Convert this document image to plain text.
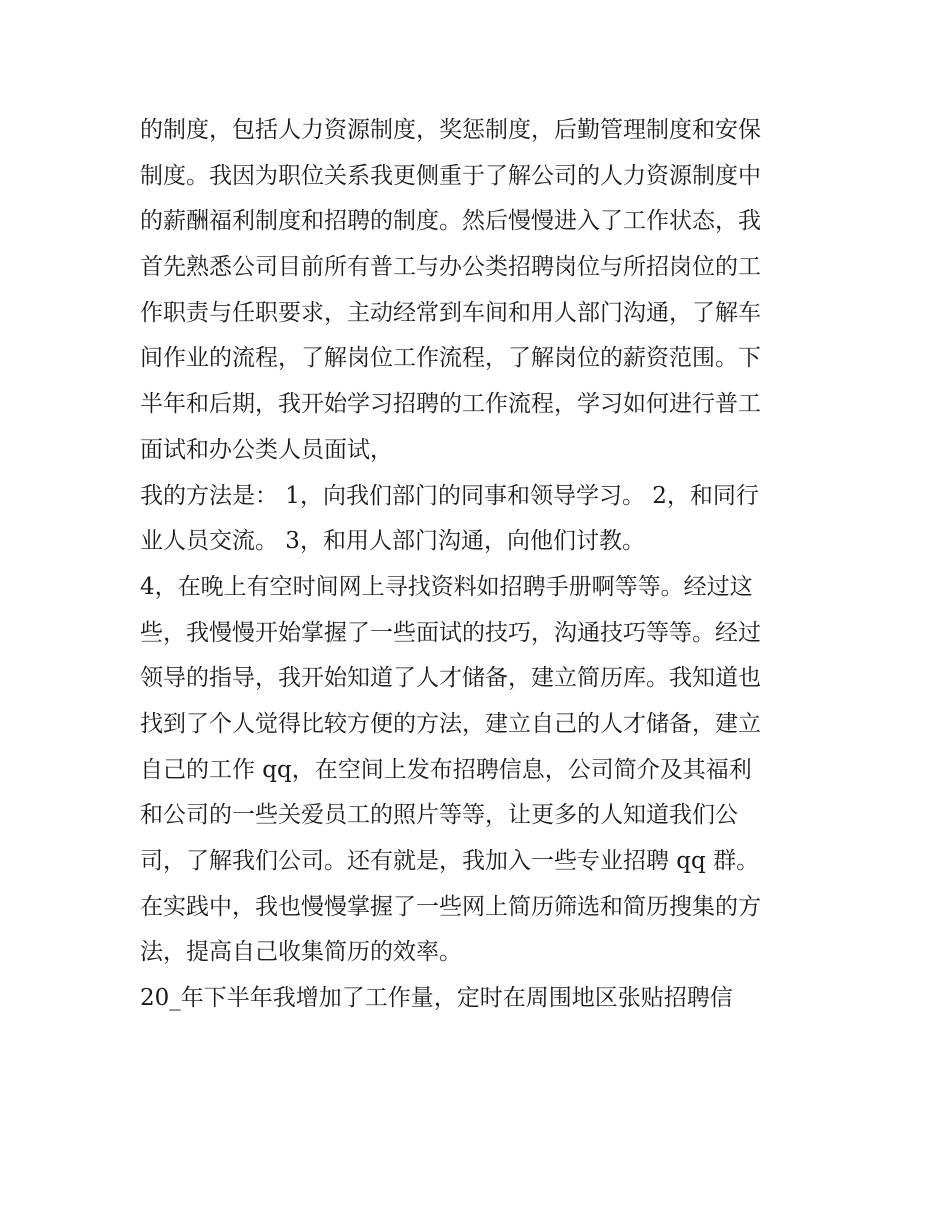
的制度，包括人力资源制度，奖惩制度，后勤管理制度和安保
制度。我因为职位关系我更侧重于了解公司的人力资源制度中
的薪酬福利制度和招聘的制度。然后慢慢进入了工作状态，我
首先熟悉公司目前所有普工与办公类招聘岗位与所招岗位的工
作职责与任职要求，主动经常到车间和用人部门沟通，了解车
间作业的流程，了解岗位工作流程，了解岗位的薪资范围。下
半年和后期，我开始学习招聘的工作流程，学习如何进行普工
面试和办公类人员面试，
我的方法是： 1，向我们部门的同事和领导学习。 2，和同行
业人员交流。 3，和用人部门沟通，向他们讨教。
4，在晚上有空时间网上寻找资料如招聘手册啊等等。经过这
些，我慢慢开始掌握了一些面试的技巧，沟通技巧等等。经过
领导的指导，我开始知道了人才储备，建立简历库。我知道也
找到了个人觉得比较方便的方法，建立自己的人才储备，建立
自己的工作 qq，在空间上发布招聘信息，公司简介及其福利
和公司的一些关爱员工的照片等等，让更多的人知道我们公
司，了解我们公司。还有就是，我加入一些专业招聘 qq 群。
在实践中，我也慢慢掌握了一些网上简历筛选和简历搜集的方
法，提高自己收集简历的效率。
20_年下半年我增加了工作量，定时在周围地区张贴招聘信
